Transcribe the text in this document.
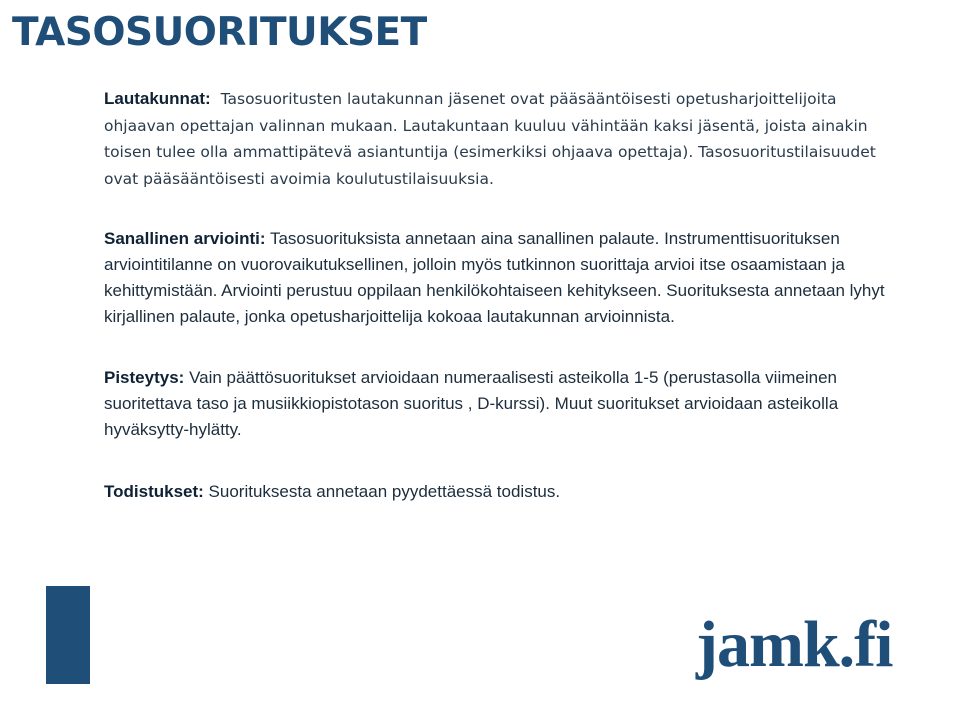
TASOSUORITUKSET

Lautakunnat: Tasosuoritusten lautakunnan jäsenet ovat pääsääntöisesti opetusharjoittelijoita ohjaavan opettajan valinnan mukaan. Lautakuntaan kuuluu vähintään kaksi jäsentä, joista ainakin toisen tulee olla ammattipätevä asiantuntija (esimerkiksi ohjaava opettaja). Tasosuoritustilaisuudet ovat pääsääntöisesti avoimia koulutustilaisuuksia.

Sanallinen arviointi: Tasosuorituksista annetaan aina sanallinen palaute. Instrumenttisuorituksen arviointitilanne on vuorovaikutuksellinen, jolloin myös tutkinnon suorittaja arvioi itse osaamistaan ja kehittymistään. Arviointi perustuu oppilaan henkilökohtaiseen kehitykseen. Suorituksesta annetaan lyhyt kirjallinen palaute, jonka opetusharjoittelija kokoaa lautakunnan arvioinnista.

Pisteytys: Vain päättösuoritukset arvioidaan numeraalisesti asteikolla 1-5 (perustasolla viimeinen suoritettava taso ja musiikkiopistotason suoritus , D-kurssi). Muut suoritukset arvioidaan asteikolla hyväksytty-hylätty.

Todistukset: Suorituksesta annetaan pyydettäessä todistus.

jamk.fi
